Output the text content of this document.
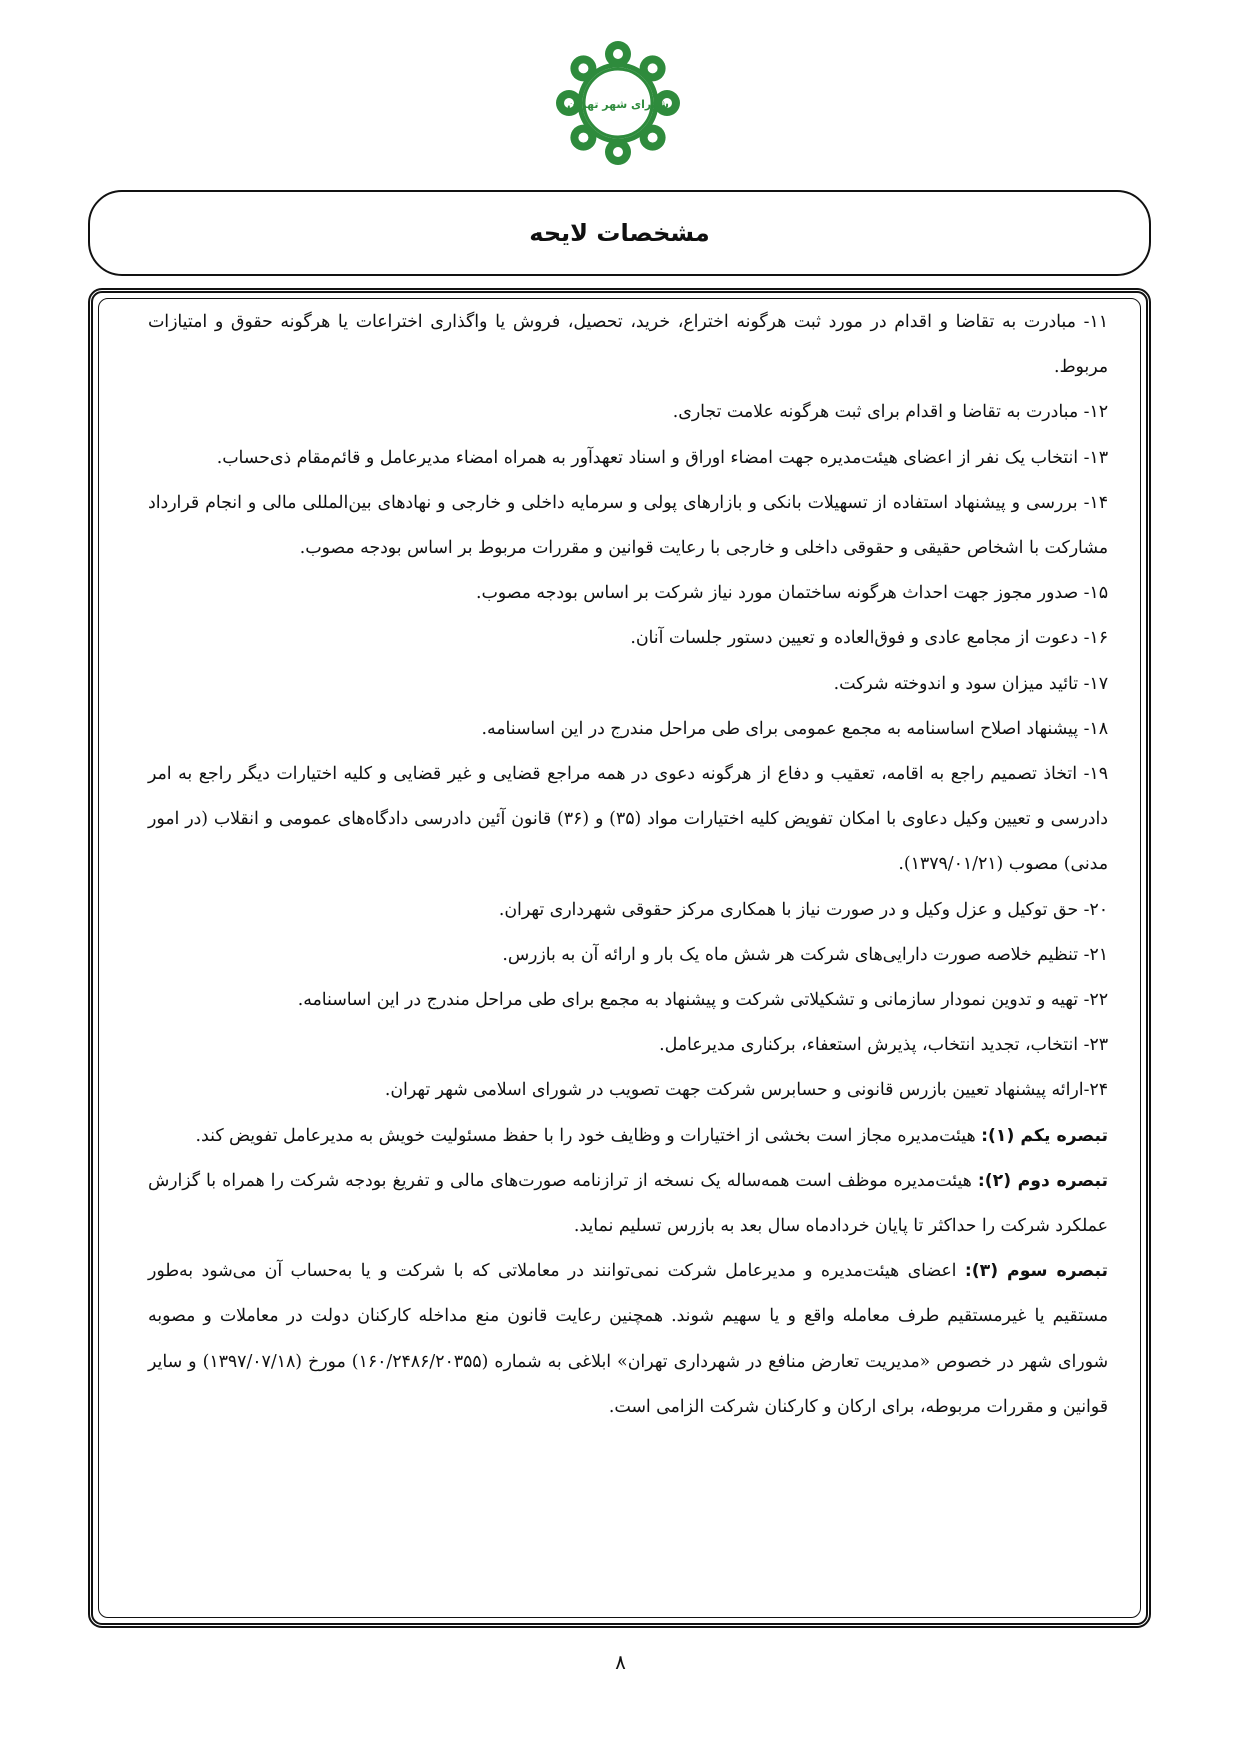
شورای شهر تهران
مشخصات لایحه

۱۱- مبادرت به تقاضا و اقدام در مورد ثبت هرگونه اختراع، خرید، تحصیل، فروش یا واگذاری اختراعات یا هرگونه حقوق و امتیازات مربوط.

۱۲- مبادرت به تقاضا و اقدام برای ثبت هرگونه علامت تجاری.

۱۳- انتخاب یک نفر از اعضای هیئت‌مدیره جهت امضاء اوراق و اسناد تعهدآور به همراه امضاء مدیرعامل و قائم‌مقام ذی‌حساب.

۱۴- بررسی و پیشنهاد استفاده از تسهیلات بانکی و بازارهای پولی و سرمایه داخلی و خارجی و نهادهای بین‌المللی مالی و انجام قرارداد مشارکت با اشخاص حقیقی و حقوقی داخلی و خارجی با رعایت قوانین و مقررات مربوط بر اساس بودجه مصوب.

۱۵- صدور مجوز جهت احداث هرگونه ساختمان مورد نیاز شرکت بر اساس بودجه مصوب.

۱۶- دعوت از مجامع عادی و فوق‌العاده و تعیین دستور جلسات آنان.

۱۷- تائید میزان سود و اندوخته شرکت.

۱۸- پیشنهاد اصلاح اساسنامه به مجمع عمومی برای طی مراحل مندرج در این اساسنامه.

۱۹- اتخاذ تصمیم راجع به اقامه، تعقیب و دفاع از هرگونه دعوی در همه مراجع قضایی و غیر قضایی و کلیه اختیارات دیگر راجع به امر دادرسی و تعیین وکیل دعاوی با امکان تفویض کلیه اختیارات مواد (۳۵) و (۳۶) قانون آئین دادرسی دادگاه‌های عمومی و انقلاب (در امور مدنی) مصوب (۱۳۷۹/۰۱/۲۱).

۲۰- حق توکیل و عزل وکیل و در صورت نیاز با همکاری مرکز حقوقی شهرداری تهران.

۲۱- تنظیم خلاصه صورت دارایی‌های شرکت هر شش ماه یک بار و ارائه آن به بازرس.

۲۲- تهیه و تدوین نمودار سازمانی و تشکیلاتی شرکت و پیشنهاد به مجمع برای طی مراحل مندرج در این اساسنامه.

۲۳- انتخاب، تجدید انتخاب، پذیرش استعفاء، برکناری مدیرعامل.

۲۴-ارائه پیشنهاد تعیین بازرس قانونی و حسابرس شرکت جهت تصویب در شورای اسلامی شهر تهران.

تبصره یکم (۱): هیئت‌مدیره مجاز است بخشی از اختیارات و وظایف خود را با حفظ مسئولیت خویش به مدیرعامل تفویض کند.

تبصره دوم (۲): هیئت‌مدیره موظف است همه‌ساله یک نسخه از ترازنامه صورت‌های مالی و تفریغ بودجه شرکت را همراه با گزارش عملکرد شرکت را حداکثر تا پایان خردادماه سال بعد به بازرس تسلیم نماید.

تبصره سوم (۳): اعضای هیئت‌مدیره و مدیرعامل شرکت نمی‌توانند در معاملاتی که با شرکت و یا به‌حساب آن می‌شود به‌طور مستقیم یا غیرمستقیم طرف معامله واقع و یا سهیم شوند. همچنین رعایت قانون منع مداخله کارکنان دولت در معاملات و مصوبه شورای شهر در خصوص «مدیریت تعارض منافع در شهرداری تهران» ابلاغی به شماره (۱۶۰/۲۴۸۶/۲۰۳۵۵) مورخ (۱۳۹۷/۰۷/۱۸) و سایر قوانین و مقررات مربوطه، برای ارکان و کارکنان شرکت الزامی است.

۸
